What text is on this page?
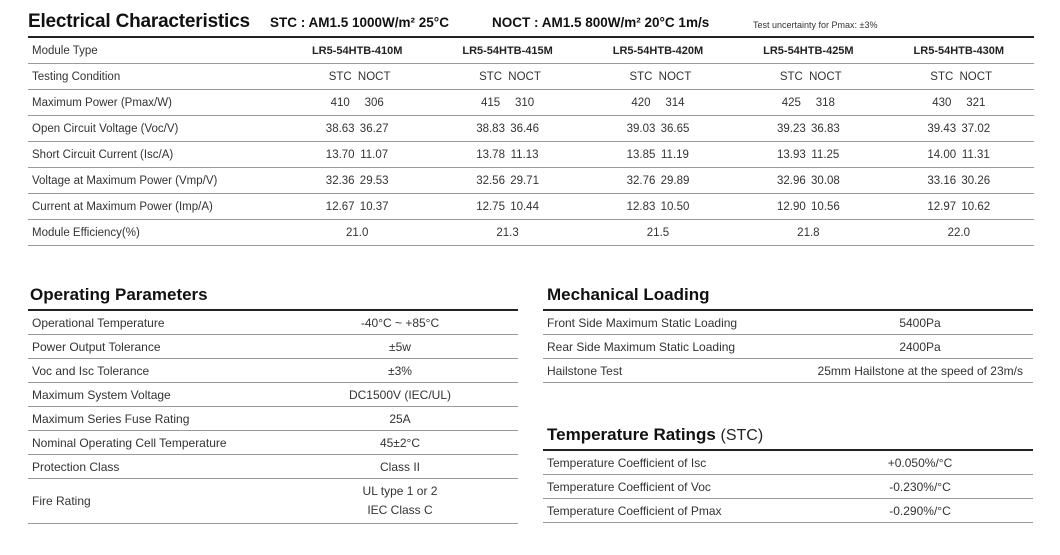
Electrical Characteristics STC : AM1.5 1000W/m² 25°C	NOCT : AM1.5 800W/m² 20°C 1m/s	Test uncertainty for Pmax: ±3%
Module Type	LR5-54HTB-410M	LR5-54HTB-415M	LR5-54HTB-420M	LR5-54HTB-425M	LR5-54HTB-430M
Testing Condition	STC NOCT	STC NOCT	STC NOCT	STC NOCT	STC NOCT
Maximum Power (Pmax/W)	410 306	415 310	420 314	425 318	430 321
Open Circuit Voltage (Voc/V)	38.63 36.27	38.83 36.46	39.03 36.65	39.23 36.83	39.43 37.02
Short Circuit Current (Isc/A)	13.70 11.07	13.78 11.13	13.85 11.19	13.93 11.25	14.00 11.31
Voltage at Maximum Power (Vmp/V)	32.36 29.53	32.56 29.71	32.76 29.89	32.96 30.08	33.16 30.26
Current at Maximum Power (Imp/A)	12.67 10.37	12.75 10.44	12.83 10.50	12.90 10.56	12.97 10.62
Module Efficiency(%)	21.0	21.3	21.5	21.8	22.0
Operating Parameters
Operational Temperature	-40°C ~ +85°C
Power Output Tolerance	±5w
Voc and Isc Tolerance	±3%
Maximum System Voltage	DC1500V (IEC/UL)
Maximum Series Fuse Rating	25A
Nominal Operating Cell Temperature	45±2°C
Protection Class	Class II
Fire Rating	UL type 1 or 2
IEC Class C
Mechanical Loading
Front Side Maximum Static Loading	5400Pa
Rear Side Maximum Static Loading	2400Pa
Hailstone Test	25mm Hailstone at the speed of 23m/s
Temperature Ratings (STC)
Temperature Coefficient of Isc	+0.050%/°C
Temperature Coefficient of Voc	-0.230%/°C
Temperature Coefficient of Pmax	-0.290%/°C
